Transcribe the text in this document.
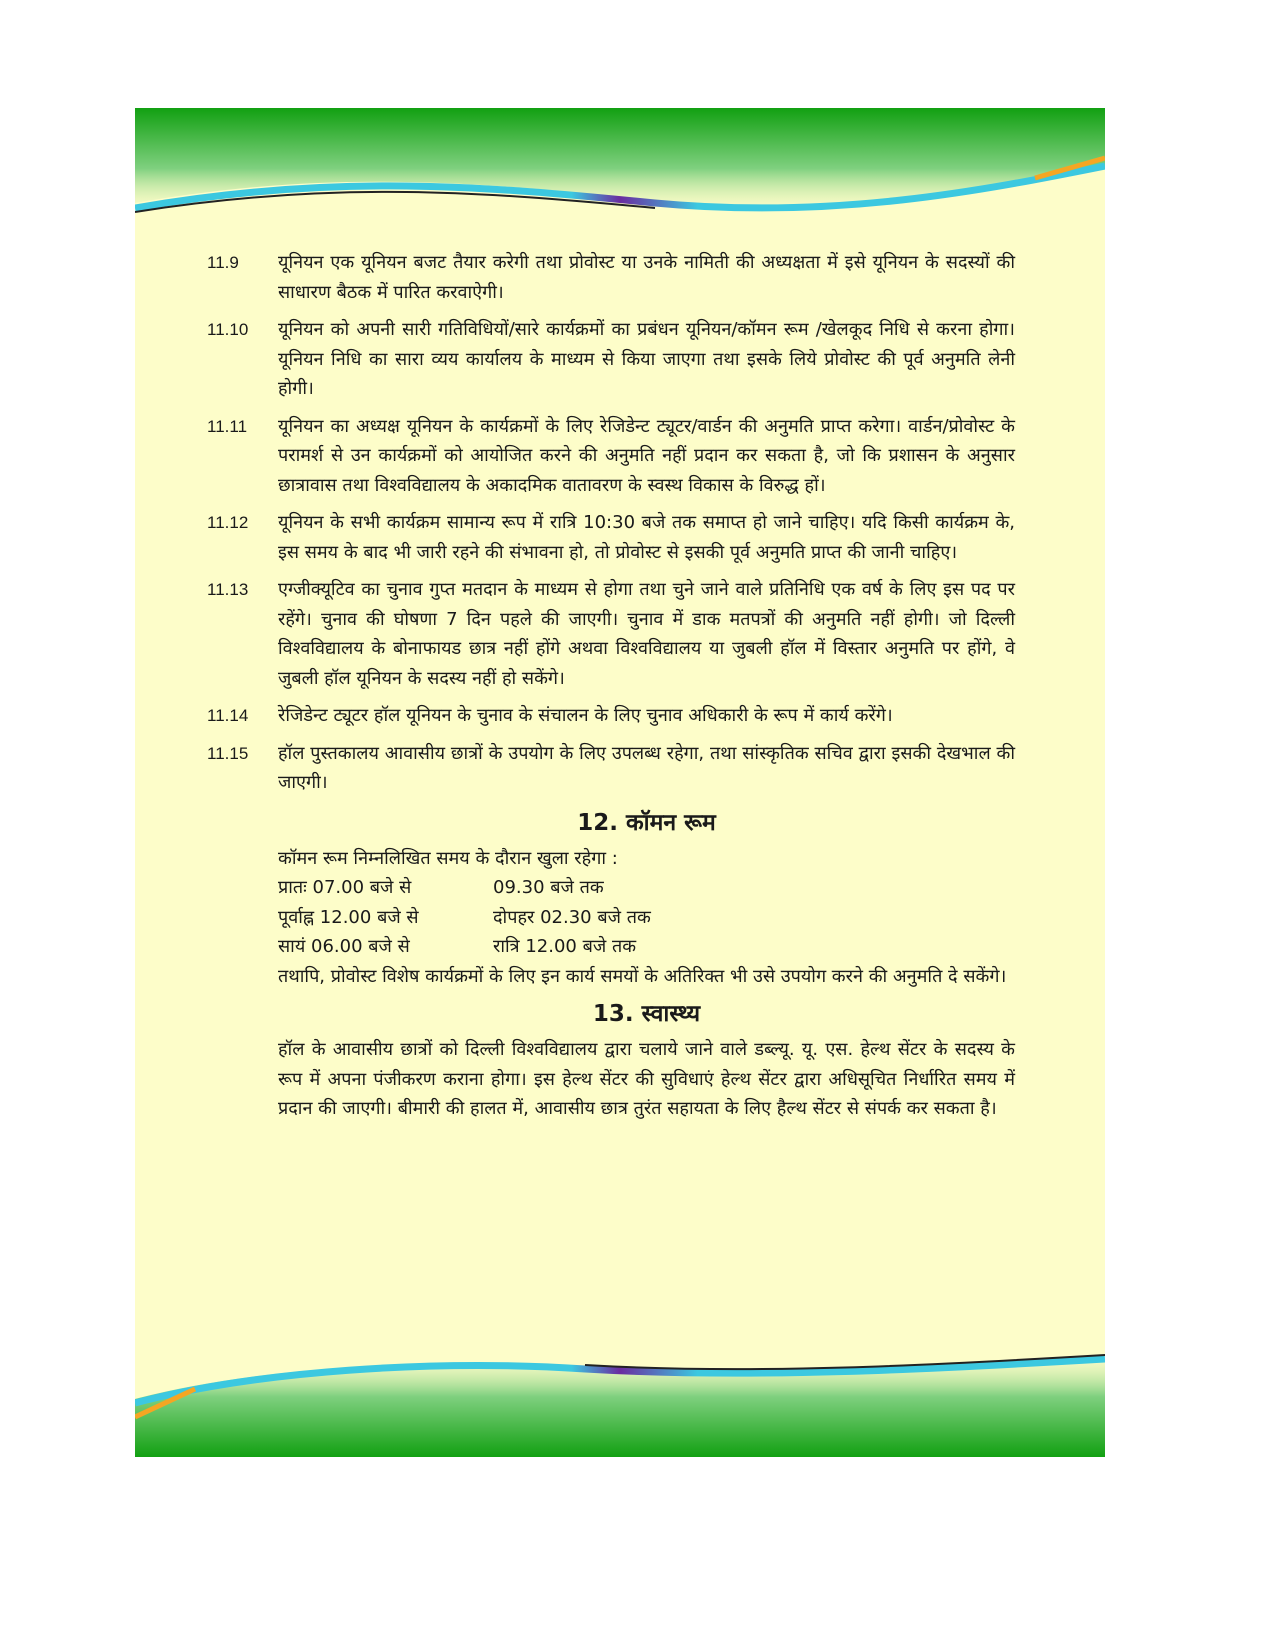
11.9	यूनियन एक यूनियन बजट तैयार करेगी तथा प्रोवोस्ट या उनके नामिती की अध्यक्षता में इसे यूनियन के सदस्यों की साधारण बैठक में पारित करवाऐगी।

11.10	यूनियन को अपनी सारी गतिविधियों/सारे कार्यक्रमों का प्रबंधन यूनियन/कॉमन रूम /खेलकूद निधि से करना होगा। यूनियन निधि का सारा व्यय कार्यालय के माध्यम से किया जाएगा तथा इसके लिये प्रोवोस्ट की पूर्व अनुमति लेनी होगी।

11.11	यूनियन का अध्यक्ष यूनियन के कार्यक्रमों के लिए रेजिडेन्ट ट्यूटर/वार्डन की अनुमति प्राप्त करेगा। वार्डन/प्रोवोस्ट के परामर्श से उन कार्यक्रमों को आयोजित करने की अनुमति नहीं प्रदान कर सकता है, जो कि प्रशासन के अनुसार छात्रावास तथा विश्वविद्यालय के अकादमिक वातावरण के स्वस्थ विकास के विरुद्ध हों।

11.12	यूनियन के सभी कार्यक्रम सामान्य रूप में रात्रि 10:30 बजे तक समाप्त हो जाने चाहिए। यदि किसी कार्यक्रम के, इस समय के बाद भी जारी रहने की संभावना हो, तो प्रोवोस्ट से इसकी पूर्व अनुमति प्राप्त की जानी चाहिए।

11.13	एग्जीक्यूटिव का चुनाव गुप्त मतदान के माध्यम से होगा तथा चुने जाने वाले प्रतिनिधि एक वर्ष के लिए इस पद पर रहेंगे। चुनाव की घोषणा 7 दिन पहले की जाएगी। चुनाव में डाक मतपत्रों की अनुमति नहीं होगी। जो दिल्ली विश्वविद्यालय के बोनाफायड छात्र नहीं होंगे अथवा विश्वविद्यालय या जुबली हॉल में विस्तार अनुमति पर होंगे, वे जुबली हॉल यूनियन के सदस्य नहीं हो सकेंगे।

11.14	रेजिडेन्ट ट्यूटर हॉल यूनियन के चुनाव के संचालन के लिए चुनाव अधिकारी के रूप में कार्य करेंगे।

11.15	हॉल पुस्तकालय आवासीय छात्रों के उपयोग के लिए उपलब्ध रहेगा, तथा सांस्कृतिक सचिव द्वारा इसकी देखभाल की जाएगी।

12. कॉमन रूम

कॉमन रूम निम्नलिखित समय के दौरान खुला रहेगा :

प्रातः 07.00 बजे से	09.30 बजे तक
पूर्वाह्न 12.00 बजे से	दोपहर 02.30 बजे तक
सायं 06.00 बजे से	रात्रि 12.00 बजे तक

तथापि, प्रोवोस्ट विशेष कार्यक्रमों के लिए इन कार्य समयों के अतिरिक्त भी उसे उपयोग करने की अनुमति दे सकेंगे।

13. स्वास्थ्य

हॉल के आवासीय छात्रों को दिल्ली विश्वविद्यालय द्वारा चलाये जाने वाले डब्ल्यू. यू. एस. हेल्थ सेंटर के सदस्य के रूप में अपना पंजीकरण कराना होगा। इस हेल्थ सेंटर की सुविधाएं हेल्थ सेंटर द्वारा अधिसूचित निर्धारित समय में प्रदान की जाएगी। बीमारी की हालत में, आवासीय छात्र तुरंत सहायता के लिए हैल्थ सेंटर से संपर्क कर सकता है।
